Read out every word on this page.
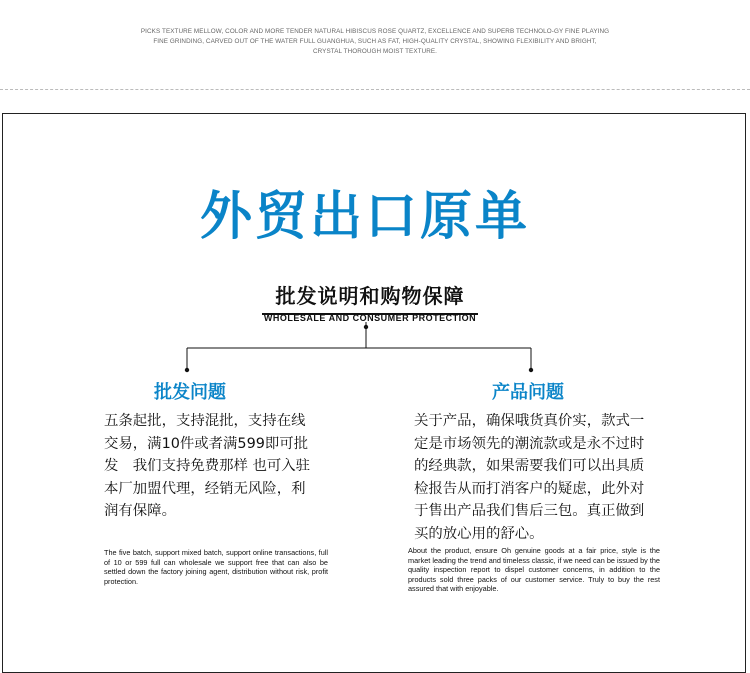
PICKS TEXTURE MELLOW, COLOR AND MORE TENDER NATURAL HIBISCUS ROSE QUARTZ, EXCELLENCE AND SUPERB TECHNOLO-GY FINE PLAYING FINE GRINDING, CARVED OUT OF THE WATER FULL GUANGHUA, SUCH AS FAT, HIGH-QUALITY CRYSTAL, SHOWING FLEXIBILITY AND BRIGHT, CRYSTAL THOROUGH MOIST TEXTURE.
外贸出口原单
批发说明和购物保障
WHOLESALE AND CONSUMER PROTECTION
批发问题
五条起批，支持混批，支持在线交易，满10件或者满599即可批发　我们支持免费那样 也可入驻本厂加盟代理，经销无风险，利润有保障。
The five batch, support mixed batch, support online transactions, full of 10 or 599 full can wholesale we support free that can also be settled down the factory joining agent, distribution without risk, profit protection.
产品问题
关于产品，确保哦货真价实，款式一定是市场领先的潮流款或是永不过时的经典款，如果需要我们可以出具质检报告从而打消客户的疑虑，此外对于售出产品我们售后三包。真正做到买的放心用的舒心。
About the product, ensure Oh genuine goods at a fair price, style is the market leading the trend and timeless classic, if we need can be issued by the quality inspection report to dispel customer concerns, in addition to the products sold three packs of our customer service. Truly to buy the rest assured that with enjoyable.
